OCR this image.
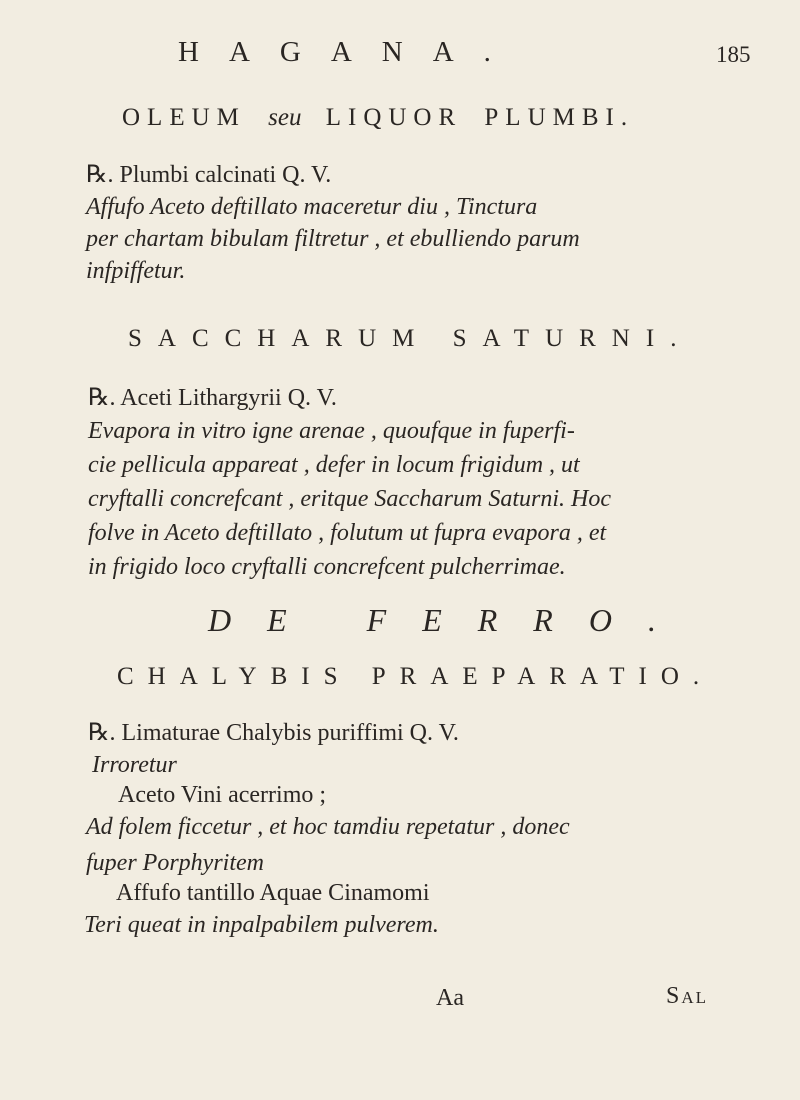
HAGANA.	185
OLEUM seu LIQUOR PLUMBI.
℞. Plumbi calcinati Q. V.
Affufo Aceto deftillato maceretur diu , Tinctura
per chartam bibulam filtretur , et ebulliendo parum
infpiffetur.
SACCHARUM SATURNI.
℞. Aceti Lithargyrii Q. V.
Evapora in vitro igne arenae , quoufque in fuperfi-
cie pellicula appareat , defer in locum frigidum , ut
cryftalli concrefcant , eritque Saccharum Saturni. Hoc
folve in Aceto deftillato , folutum ut fupra evapora , et
in frigido loco cryftalli concrefcent pulcherrimae.
DE FERRO.
CHALYBIS PRAEPARATIO.
℞. Limaturae Chalybis puriffimi Q. V.
Irroretur
Aceto Vini acerrimo ;
Ad folem ficcetur , et hoc tamdiu repetatur , donec
fuper Porphyritem
Affufo tantillo Aquae Cinamomi
Teri queat in inpalpabilem pulverem.
Aa	Sal
